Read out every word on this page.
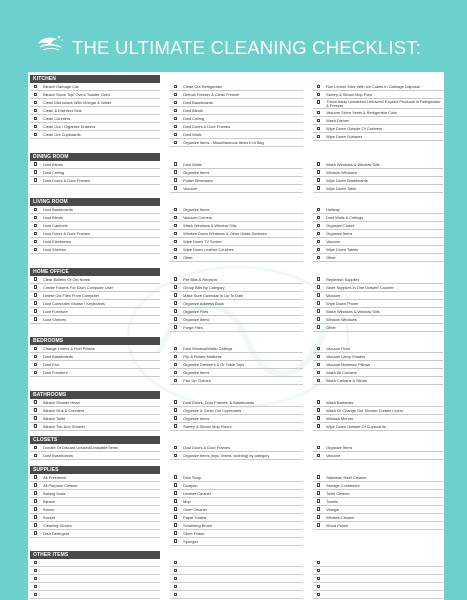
THE ULTIMATE CLEANING CHECKLIST:
KITCHEN
Bleach Garbage Can
Bleach Stove Top/ Oven/ Toaster Oven
Clean Microwave With Vinegar & Water
Clean & Disinfect Sink
Clean Counters
Clean Out / Organize Drawers
Clean Out Cupboards
Clean Out Refrigerator
Defrost Freezer & Clean Freezer
Dust Baseboards
Dust Blinds
Dust Ceiling
Dust Doors & Door Frames
Dust Walls
Organize Items - Miscellaneous Items In A Bag
Run Lemon Slice With Ice Cubes In Garbage Disposal
Sweep & Steam Mop Floor
Throw Away Unwanted Leftovers/ Expired Products In Refrigerator & Freezer
Vacuum Stove Vents & Refrigerator Coils
Wash Dishes
Wipe Down Outside Of Cabinets
Wipe Down Surfaces
DINING ROOM
Dust Blinds
Dust Ceiling
Dust Doors & Door Frames
Dust Walls
Organize Items
Polish Silverware
Vacuum
Wash Windows & Window Sills
Window Windows
Wipe Down Baseboards
Wipe Down Table
LIVING ROOM
Dust Baseboards
Dust Blinds
Dust Cabinets
Dust Doors & Door Frames
Dust Electronics
Dust Shelves
Organize Items
Vacuum Corners
Wash Windows & Window Sills
Window Down Windows & Other Glass Surfaces
Wipe Down TV Screen
Wipe Down Leather Couches
Other
Hallway
Dust Walls & Ceilings
Organize Closet
Organize Items
Vacuum
Wipe Down Tables
Other
HOME OFFICE
Clear Bulletin Of Old Notes
Create Folders For Each Computer User
Delete Old Files From Computer
Dust Computer/ Mouse / Keyboards
Dust Furniture
Dust Shelves
File Bills & Receipts
Group Bills By Category
Make Sure Calendar Is Up To Date
Organize Address Book
Organize Files
Organize Items
Purge Files
Replenish Supplies
Store Supplies In One Drawer/ Counter
Vacuum
Wipe Down Phone
Wash Windows & Window Sills
Window Windows
Other
BEDROOMS
Change Linens & Fluff Pillows
Dust Baseboards
Dust Fan
Dust Furniture
Dust Window/Walls/ Ceilings
Flip & Rotate Mattress
Organize Dressers & Or Table Tops
Organize Items
Pick Up Clothes
Vacuum Floor
Vacuum Lamp Shades
Vacuum Mattress/ Pillows
Wash All Curtains
Wash Curtains & Blinds
BATHROOMS
Bleach Shower Head
Bleach Sink & Counters
Bleach Toilet
Bleach Tub &/or Shower
Dust Doors, Door Frames, & Baseboards
Organize & Clean Out Cupboards
Organize Items
Sweep & Steam Mop Floors
Wash Bathmats
Wash Or Change Out Shower Curtain Liners
Window Mirrors
Wipe Down Outside Of Cupboards
CLOSETS
Donate Or Discard Unused/Unusable Items
Dust Baseboards
Dust Doors & Door Frames
Organize Items (toys, linens, clothing) by category
Organize Items
Vacuum
SUPPLIES
Air Freshener
All Purpose Cleaner
Baking Soda
Bleach
Broom
Bucket
Cleaning Gloves
Dish Detergent
Dish Soap
Dustpan
Leather Cleaner
Mop
Oven Cleaner
Paper Towels
Scrubbing Brush
Silver Polish
Sponges
Stainless Steel Cleaner
Storage Containers
Toilet Cleaner
Towels
Vinegar
Window Cleaner
Wood Polish
OTHER ITEMS
